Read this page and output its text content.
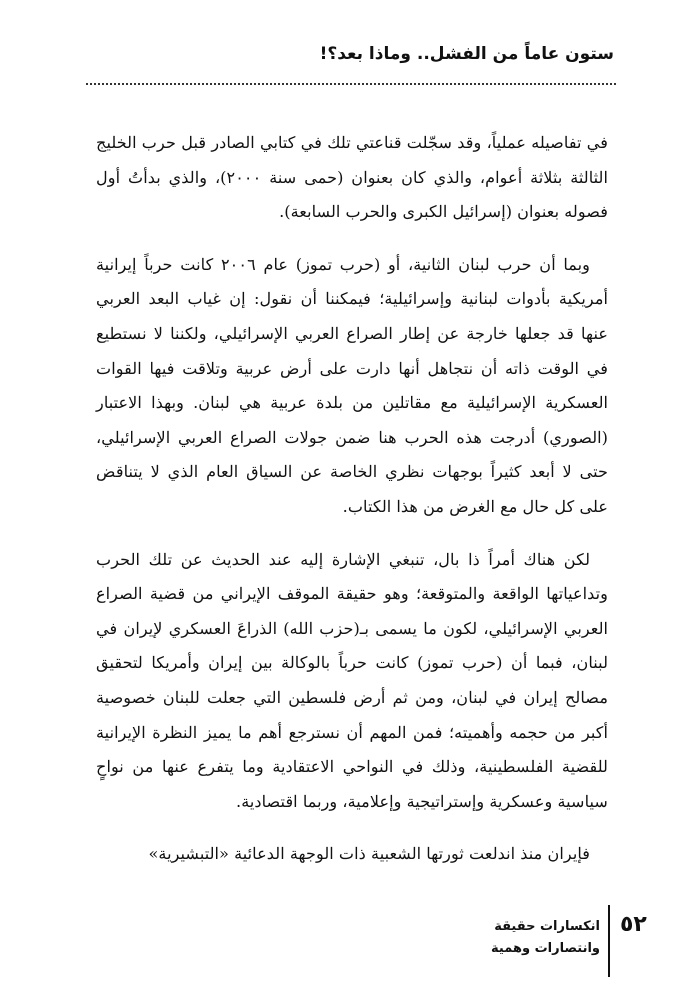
ستون عاماً من الفشل.. وماذا بعد؟!

في تفاصيله عملياً، وقد سجّلت قناعتي تلك في كتابي الصادر قبل حرب الخليج الثالثة بثلاثة أعوام، والذي كان بعنوان (حمى سنة ٢٠٠٠)، والذي بدأتُ أول فصوله بعنوان (إسرائيل الكبرى والحرب السابعة).

وبما أن حرب لبنان الثانية، أو (حرب تموز) عام ٢٠٠٦ كانت حرباً إيرانية أمريكية بأدوات لبنانية وإسرائيلية؛ فيمكننا أن نقول: إن غياب البعد العربي عنها قد جعلها خارجة عن إطار الصراع العربي الإسرائيلي، ولكننا لا نستطيع في الوقت ذاته أن نتجاهل أنها دارت على أرض عربية وتلاقت فيها القوات العسكرية الإسرائيلية مع مقاتلين من بلدة عربية هي لبنان. وبهذا الاعتبار (الصوري) أدرجت هذه الحرب هنا ضمن جولات الصراع العربي الإسرائيلي، حتى لا أبعد كثيراً بوجهات نظري الخاصة عن السياق العام الذي لا يتناقض على كل حال مع الغرض من هذا الكتاب.

لكن هناك أمراً ذا بال، تنبغي الإشارة إليه عند الحديث عن تلك الحرب وتداعياتها الواقعة والمتوقعة؛ وهو حقيقة الموقف الإيراني من قضية الصراع العربي الإسرائيلي، لكون ما يسمى بـ(حزب الله) الذراعَ العسكري لإيران في لبنان، فبما أن (حرب تموز) كانت حرباً بالوكالة بين إيران وأمريكا لتحقيق مصالح إيران في لبنان، ومن ثم أرض فلسطين التي جعلت للبنان خصوصية أكبر من حجمه وأهميته؛ فمن المهم أن نسترجع أهم ما يميز النظرة الإيرانية للقضية الفلسطينية، وذلك في النواحي الاعتقادية وما يتفرع عنها من نواحٍ سياسية وعسكرية وإستراتيجية وإعلامية، وربما اقتصادية.

فإيران منذ اندلعت ثورتها الشعبية ذات الوجهة الدعائية «التبشيرية»

٥٢
انكسارات حقيقة
وانتصارات وهمية
